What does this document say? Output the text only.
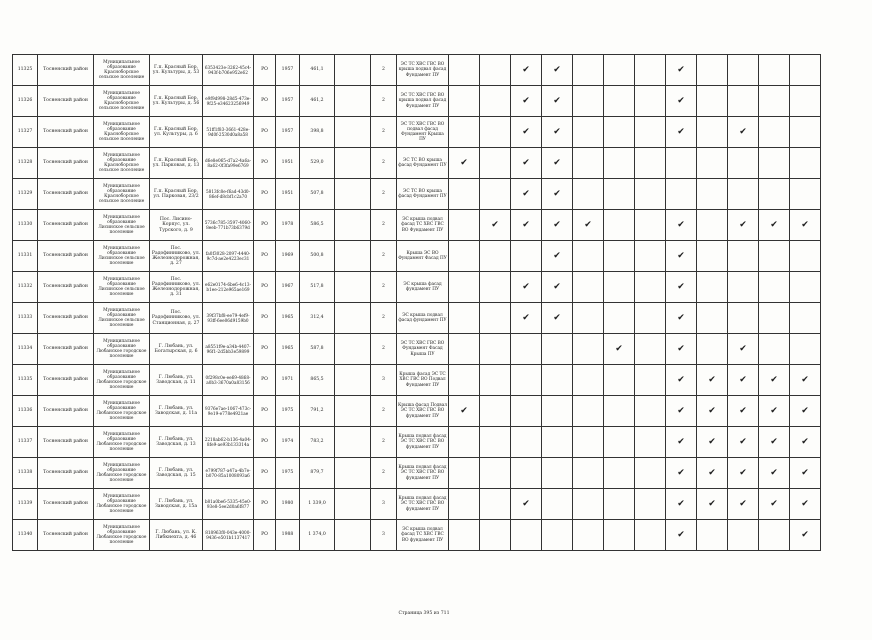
11325	Тосненский район	Муниципальное образование Красноборское сельское поселение	Г.п. Красный Бор, ул. Культуры, д. 53	6353423e-3262-45c4-943f-b706e952e62	РО	1957	461,1		2	ЭС ТС ХВС ГВС ВО крыша подвал фасад Фундамент ПУ			✔	✔				✔				
11326	Тосненский район	Муниципальное образование Красноборское сельское поселение	Г.п. Красный Бор, ул. Культуры, д. 56	e9f9d998-28d5-473e-9f25-e34623256949	РО	1957	461,2		2	ЭС ТС ХВС ГВС ВО крыша подвал фасад Фундамент ПУ			✔	✔				✔				
11327	Тосненский район	Муниципальное образование Красноборское сельское поселение	Г.п. Красный Бор, ул. Культуры, д. 6	51ff1f83-3661-428e-9d0f-2530d0a8a58	РО	1957	398,8		2	ЭС ТС ХВС ГВС ВО подвал фасад Фундамент Крыша ПУ			✔	✔				✔		✔		
11328	Тосненский район	Муниципальное образование Красноборское сельское поселение	Г.п. Красный Бор, ул. Парковая, д. 13	d6e8e065-d7a2-4a6a-8a62-0f3fa99e6769	РО	1951	529,0		2	ЭС ТС ВО крыша фасад Фундамент ПУ	✔		✔	✔								
11329	Тосненский район	Муниципальное образование Красноборское сельское поселение	Г.п. Красный Бор, ул. Парковая, 23/2	5813fc8e-f6ad-43d0-86ef-d8cbf1c2a70	РО	1951	507,8		2	ЭС ТС ВО крыша фасад Фундамент ПУ			✔	✔								
11330	Тосненский район	Муниципальное образование Лисинское сельское поселение	Пос. Лисино-Корпус, ул. Турского, д. 9	5736c785-3597-4060-8eeb-771b73b6379d	РО	1978	586,5		2	ЭС крыша подвал фасад ТС ХВС ГВС ВО Фундамент ПУ		✔	✔	✔	✔			✔		✔	✔	✔
11331	Тосненский район	Муниципальное образование Лисинское сельское поселение	Пос. Радофинниково, ул. Железнодорожная, д. 27	fa0f3028-2097-4440-9c7d-ae2e4223ec31	РО	1969	500,8		2	Крыша ЭС ВО Фундамент Фасад ПУ				✔				✔				
11332	Тосненский район	Муниципальное образование Лисинское сельское поселение	Пос. Радофинниково, ул. Железнодорожная, д. 31	e62e0174-6be6-4c13-b1ee-212e965ae169	РО	1967	517,8		2	ЭС крыша фасад фундамент ПУ			✔	✔				✔				
11333	Тосненский район	Муниципальное образование Лисинское сельское поселение	Пос. Радофинниково, ул. Станционная, д. 27	39f37bf8-ee79-4ef9-93ff-6ee06d9159b0	РО	1965	312,4		2	ЭС крыша подвал фасад фундамент ПУ			✔	✔				✔				
11334	Тосненский район	Муниципальное образование Любанское городское поселение	Г. Любань, ул. Богатырская, д. 6	a8551f9e-a34b-4407-96f1-2d5bb3e59899	РО	1965	587,8		2	ЭС ТС ХВС ГВС ВО Фундамент Фасад Крыша ПУ						✔		✔		✔		
11335	Тосненский район	Муниципальное образование Любанское городское поселение	Г. Любань, ул. Заводская, д. 11	0f298c0e-ee69-4868-a0b3-3670a0a83156	РО	1971	865,5		3	Крыша фасад ЭС ТС ХВС ГВС ВО Подвал Фундамент ПУ								✔	✔	✔	✔	✔
11336	Тосненский район	Муниципальное образование Любанское городское поселение	Г. Любань, ул. Заводская, д. 11а	9376e7ae-1067-473c-9e19-e778e4921ae	РО	1975	791,2		2	Крыша фасад Подвал ЭС ТС ХВС ГВС ВО фундамент ПУ	✔							✔	✔	✔	✔	✔
11337	Тосненский район	Муниципальное образование Любанское городское поселение	Г. Любань, ул. Заводская, д. 13	2218ab62-b136-4a04-8fe9-ae93b133314a	РО	1974	783,2		2	Крыша подвал фасад ЭС ТС ХВС ГВС ВО фундамент ПУ								✔	✔	✔	✔	✔
11338	Тосненский район	Муниципальное образование Любанское городское поселение	Г. Любань, ул. Заводская, д. 15	e799f787-a47a-4b7e-b070-85a1008093a6	РО	1975	879,7		2	Крыша подвал фасад ЭС ТС ХВС ГВС ВО фундамент ПУ								✔	✔	✔	✔	✔
11339	Тосненский район	Муниципальное образование Любанское городское поселение	Г. Любань, ул. Заводская, д. 15а	b81a0be6-5335-45e0-93e8-5ee2d0a6f877	РО	1980	1 339,0		3	Крыша подвал фасад ЭС ТС ХВС ГВС ВО фундамент ПУ			✔					✔	✔	✔	✔	✔
11340	Тосненский район	Муниципальное образование Любанское городское поселение	Г. Любань, ул. К. Либкнехта, д. 46	818963f0-043e-4000-9436-e501b1137417	РО	1988	1 374,0		3	ЭС крыша подвал фасад ТС ХВС ГВС ВО фундамент ПУ								✔				✔
Страница 395 из 711
